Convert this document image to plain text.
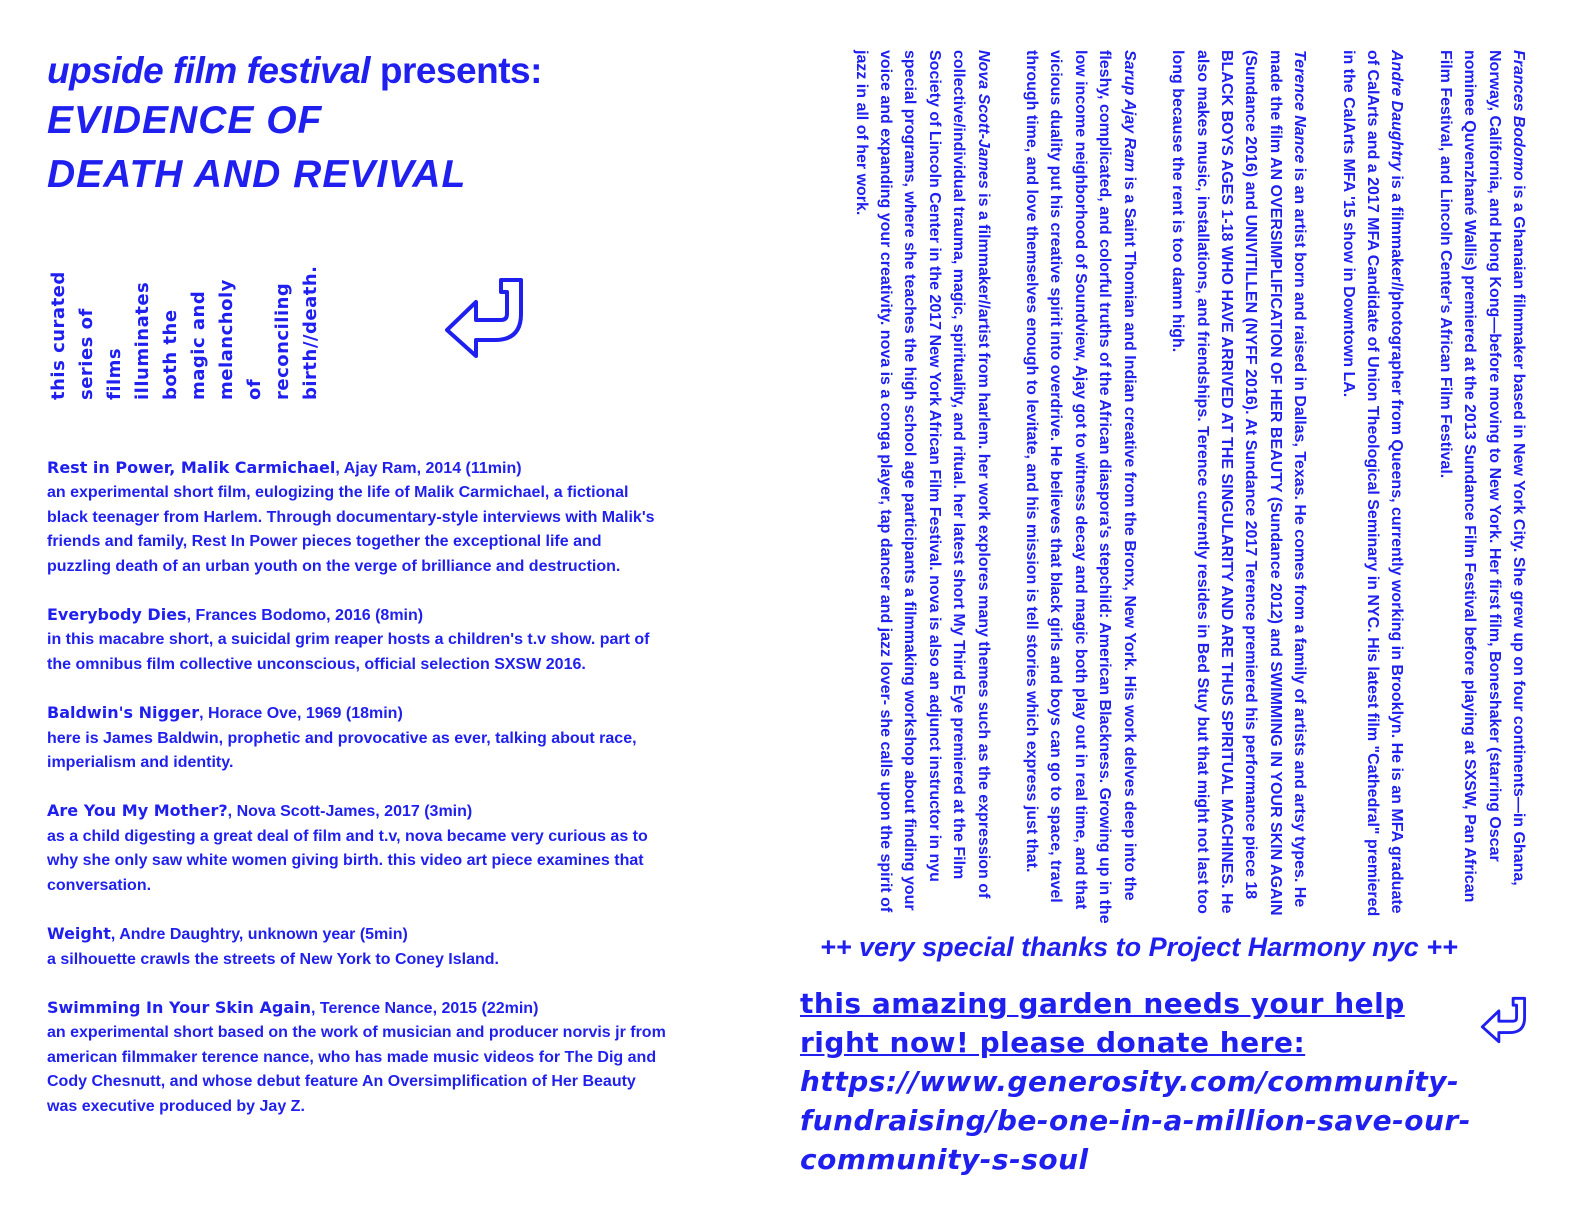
upside film festival presents:
EVIDENCE OF
DEATH AND REVIVAL
this curated series of films illuminates both the magic and melancholy of reconciling birth//death.
Rest in Power, Malik Carmichael, Ajay Ram, 2014 (11min)
an experimental short film, eulogizing the life of Malik Carmichael, a fictional black teenager from Harlem. Through documentary-style interviews with Malik's friends and family, Rest In Power pieces together the exceptional life and puzzling death of an urban youth on the verge of brilliance and destruction.
Everybody Dies, Frances Bodomo, 2016 (8min)
in this macabre short, a suicidal grim reaper hosts a children's t.v show. part of the omnibus film collective unconscious, official selection SXSW 2016.
Baldwin's Nigger, Horace Ove, 1969 (18min)
here is James Baldwin, prophetic and provocative as ever, talking about race, imperialism and identity.
Are You My Mother?, Nova Scott-James, 2017 (3min)
as a child digesting a great deal of film and t.v, nova became very curious as to why she only saw white women giving birth. this video art piece examines that conversation.
Weight, Andre Daughtry, unknown year (5min)
a silhouette crawls the streets of New York to Coney Island.
Swimming In Your Skin Again, Terence Nance, 2015 (22min)
an experimental short based on the work of musician and producer norvis jr from american filmmaker terence nance, who has made music videos for The Dig and Cody Chesnutt, and whose debut feature An Oversimplification of Her Beauty was executive produced by Jay Z.
Frances Bodomo is a Ghanaian filmmaker based in New York City. She grew up on four continents—in Ghana, Norway, California, and Hong Kong—before moving to New York. Her first film, Boneshaker (starring Oscar nominee Quvenzhané Wallis) premiered at the 2013 Sundance Film Festival before playing at SXSW, Pan African Film Festival, and Lincoln Center's African Film Festival.
Andre Daughtry is a filmmaker//photographer from Queens, currently working in Brooklyn. He is an MFA graduate of CalArts and a 2017 MFA Candidate of Union Theological Seminary in NYC. His latest film "Cathedral" premiered in the CalArts MFA '15 show in Downtown LA.
Terence Nance is an artist born and raised in Dallas, Texas. He comes from a family of artists and artsy types. He made the film AN OVERSIMPLIFICATION OF HER BEAUTY (Sundance 2012) and SWIMMING IN YOUR SKIN AGAIN (Sundance 2016) and UNIVITILLEN (NYFF 2016). At Sundance 2017 Terence premiered his performance piece 18 BLACK BOYS AGES 1-18 WHO HAVE ARRIVED AT THE SINGULARITY AND ARE THUS SPIRITUAL MACHINES. He also makes music, installations, and friendships. Terence currently resides in Bed Stuy but that might not last too long because the rent is too damn high.
Sarup Ajay Ram is a Saint Thomian and Indian creative from the Bronx, New York. His work delves deep into the fleshy, complicated, and colorful truths of the African diaspora's stepchild: American Blackness. Growing up in the low income neighborhood of Soundview, Ajay got to witness decay and magic both play out in real time, and that vicious duality put his creative spirit into overdrive. He believes that black girls and boys can go to space, travel through time, and love themselves enough to levitate, and his mission is tell stories which express just that.
Nova Scott-James is a filmmaker//artist from harlem. her work explores many themes such as the expression of collective/individual trauma, magic, spirituality, and ritual. her latest short My Third Eye premiered at the Film Society of Lincoln Center in the 2017 New York African Film Festival. nova is also an adjunct instructor in nyu special programs, where she teaches the high school age participants a filmmaking workshop about finding your voice and expanding your creativity. nova is a conga player, tap dancer and jazz lover- she calls upon the spirit of jazz in all of her work.
++ very special thanks to Project Harmony nyc ++
this amazing garden needs your help right now! please donate here:
https://www.generosity.com/community-fundraising/be-one-in-a-million-save-our-community-s-soul
